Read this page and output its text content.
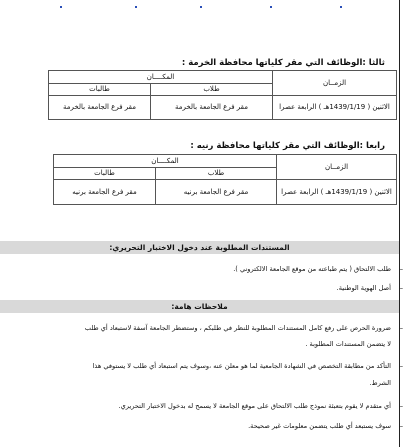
ثالثا :الوظائف التي مقر كلياتها محافظة الخرمة :
الزمــان	المكــــان	
	طلاب	طالبات
الاثنين ( 1439/1/19هـ ) الرابعة عصرا	مقر فرع الجامعة بالخرمة	مقر فرع الجامعة بالخرمة
رابعا :الوظائف التي مقر كلياتها محافظة رنيه :
الزمــان	المكــــان	
	طلاب	طالبات
الاثنين ( 1439/1/19هـ ) الرابعة عصرا	مقر فرع الجامعة برنيه	مقر فرع الجامعة برنيه
المستندات المطلوبة عند دخول الاختبار التحريري:
–
طلب الالتحاق ( يتم طباعته من موقع الجامعة الالكتروني ).
–
أصل الهوية الوطنية.
ملاحظات هامة:
–
ضرورة الحرص على رفع كامل المستندات المطلوبة للنظر في طلبكم ، وستضطر الجامعة آسفة لاستبعاد أي طلب
لا يتضمن المستندات المطلوبة .
–
التأكد من مطابقة التخصص في الشهادة الجامعية لما هو معلن عنه ،وسوف يتم استبعاد أي طلب لا يستوفي هذا
الشرط.
–
أي متقدم لا يقوم بتعبئة نموذج طلب الالتحاق على موقع الجامعة لا يسمح له بدخول الاختبار التحريري.
–
سوف يستبعد أي طلب يتضمن معلومات غير صحيحة.
